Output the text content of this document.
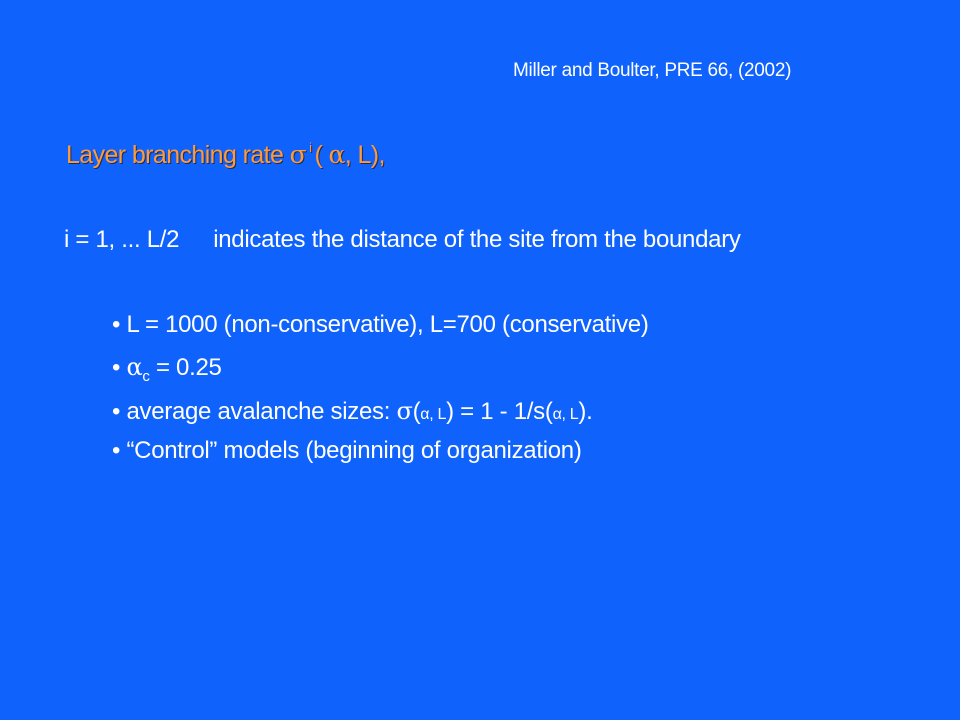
Miller and Boulter, PRE 66, (2002)
Layer branching rate σ $^i$ ( α, L),
i = 1, ... L/2 indicates the distance of the site from the boundary
• L = 1000 (non-conservative), L=700 (conservative)
• $\alpha_c = 0.25$
• average avalanche sizes: σ(α, L) = 1 - 1/s(α, L).
• “Control” models (beginning of organization)
